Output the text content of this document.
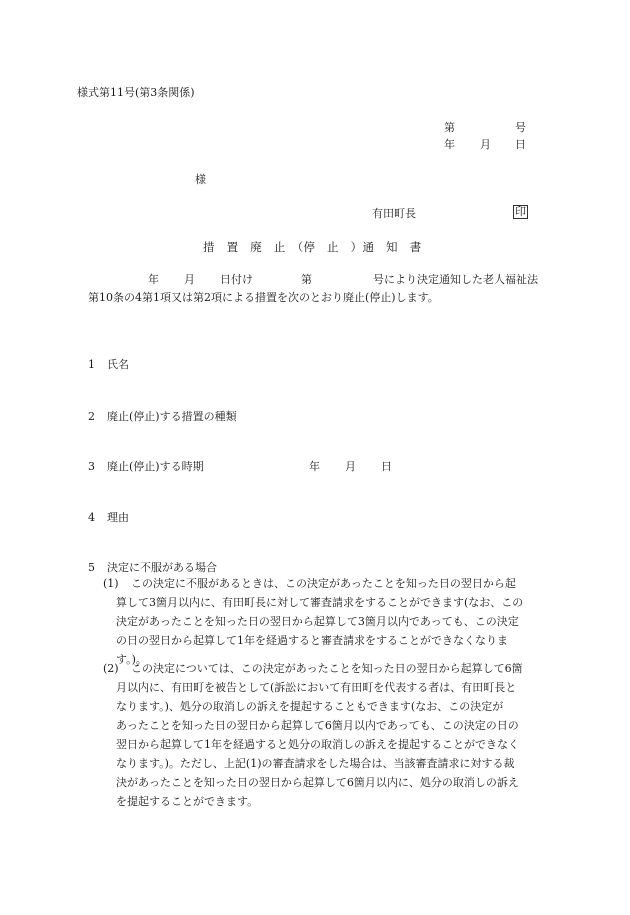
様式第11号(第3条関係)
第	号
年 月 日
様
有田町長	印
措　置　廃　止　（停　止　）通　知　書
年 月 日付け	第	号により決定通知した老人福祉法
第10条の4第1項又は第2項による措置を次のとおり廃止(停止)します。
1 氏名
2 廃止(停止)する措置の種類
3 廃止(停止)する時期	年 月 日
4 理由
5 決定に不服がある場合
(1) この決定に不服があるときは、この決定があったことを知った日の翌日から起
算して3箇月以内に、有田町長に対して審査請求をすることができます(なお、この
決定があったことを知った日の翌日から起算して3箇月以内であっても、この決定
の日の翌日から起算して1年を経過すると審査請求をすることができなくなりま
す。)。
(2) この決定については、この決定があったことを知った日の翌日から起算して6箇
月以内に、有田町を被告として(訴訟において有田町を代表する者は、有田町長と
なります。)、処分の取消しの訴えを提起することもできます(なお、この決定が
あったことを知った日の翌日から起算して6箇月以内であっても、この決定の日の
翌日から起算して1年を経過すると処分の取消しの訴えを提起することができなく
なります。)。ただし、上記(1)の審査請求をした場合は、当該審査請求に対する裁
決があったことを知った日の翌日から起算して6箇月以内に、処分の取消しの訴え
を提起することができます。
